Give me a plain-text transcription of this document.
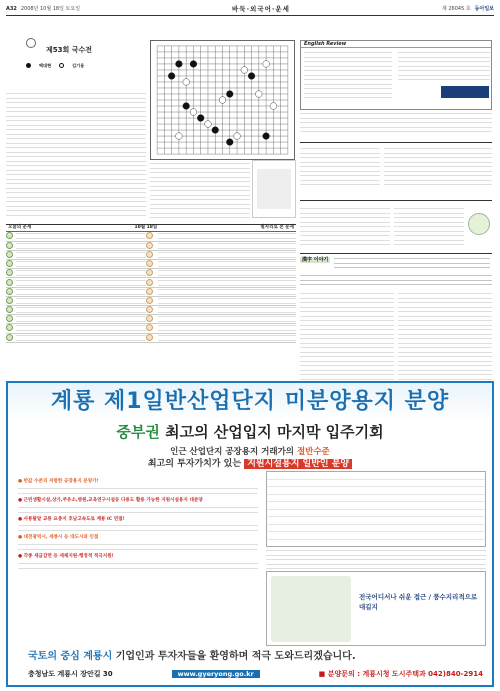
A32 2008년 10월 18일 토요일	바둑·외국어·운세	제 26045 호 동아일보
제53회 국수전
백대현	김기용
English Review
漢字 이야기
오늘의 운세	10월 18일	별자리로 본 운세

계룡 제1일반산업단지 미분양용지 분양
중부권 최고의 산업입지 마지막 입주기회
인근 산업단지 공장용지 거래가의 절반수준
최고의 투자가치가 있는 지원시설용지 일반인 분양
● 반값 수준의 저렴한 공장용지 분양가!
● 근린생활시설,상가,주유소,병원,교육연구시설등 다용도 활용 가능한 지원시설용지 대분양
● 사통팔달 교통 요충지 호남고속도로 계룡 IC 연접!
● 대전광역시, 세종시 등 대도시와 인접
● 각종 세금감면 등 세제지원·행정적 적극지원!
전국어디서나 쉬운 접근 / 풍수지리적으로 대길지
국토의 중심 계룡시 기업인과 투자자들을 환영하며 적극 도와드리겠습니다.
충청남도 계룡시 장안길 30	www.gyeryong.go.kr	■ 분양문의 : 계룡시청 도시주택과 042)840-2914
